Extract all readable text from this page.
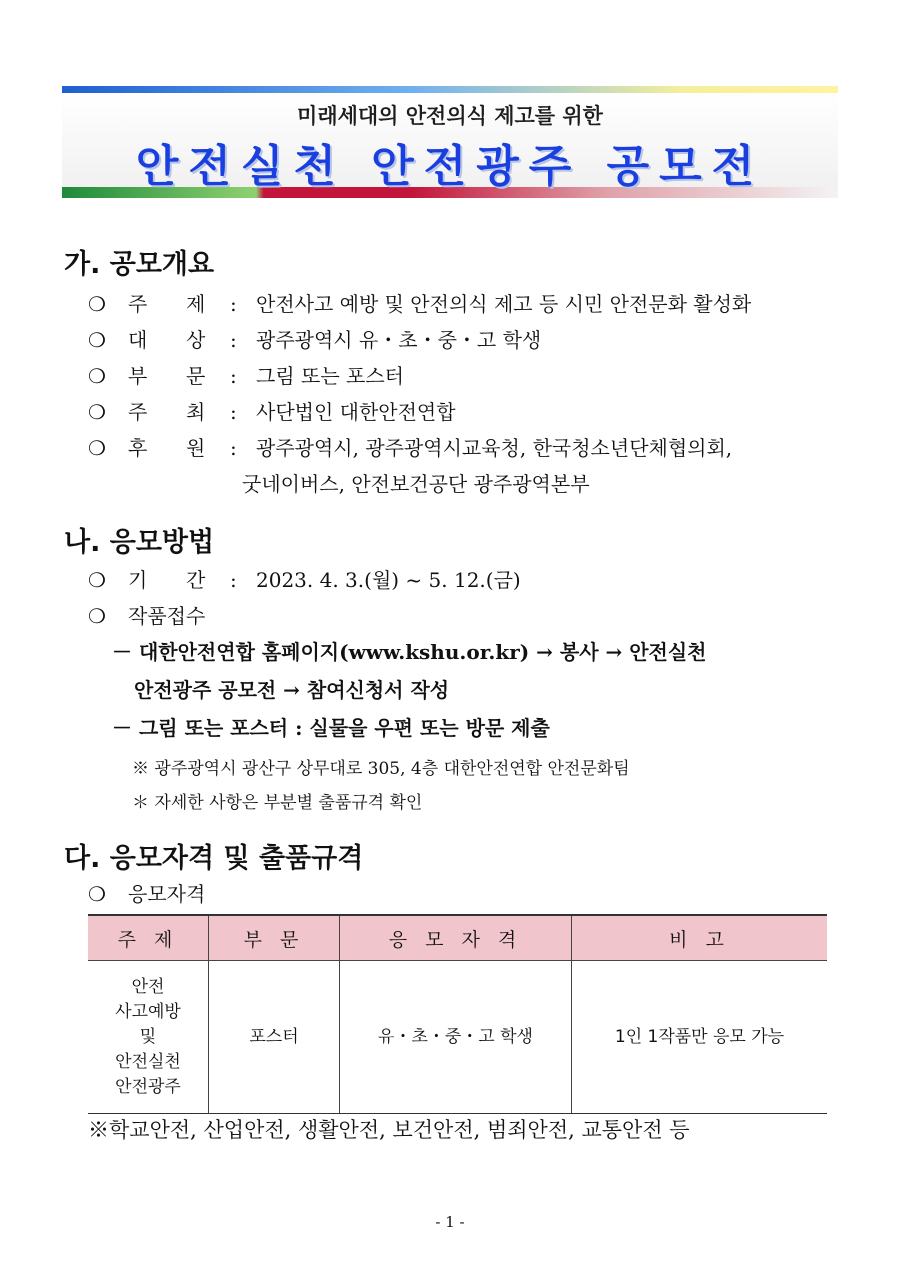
미래세대의 안전의식 제고를 위한
안전실천 안전광주 공모전
가. 공모개요
❍ 주 제 : 안전사고 예방 및 안전의식 제고 등 시민 안전문화 활성화
❍ 대 상 : 광주광역시 유・초・중・고 학생
❍ 부 문 : 그림 또는 포스터
❍ 주 최 : 사단법인 대한안전연합
❍ 후 원 : 광주광역시, 광주광역시교육청, 한국청소년단체협의회,
굿네이버스, 안전보건공단 광주광역본부
나. 응모방법
❍ 기 간 : 2023. 4. 3.(월) ~ 5. 12.(금)
❍ 작품접수
－ 대한안전연합 홈페이지(www.kshu.or.kr) → 봉사 → 안전실천
안전광주 공모전 → 참여신청서 작성
－ 그림 또는 포스터 : 실물을 우편 또는 방문 제출
※ 광주광역시 광산구 상무대로 305, 4층 대한안전연합 안전문화팀
＊ 자세한 사항은 부분별 출품규격 확인
다. 응모자격 및 출품규격
❍ 응모자격
주 제	부 문	응 모 자 격	비 고

안전
사고예방
및
안전실천
안전광주	포스터	유・초・중・고 학생	1인 1작품만 응모 가능
※학교안전, 산업안전, 생활안전, 보건안전, 범죄안전, 교통안전 등
- 1 -
